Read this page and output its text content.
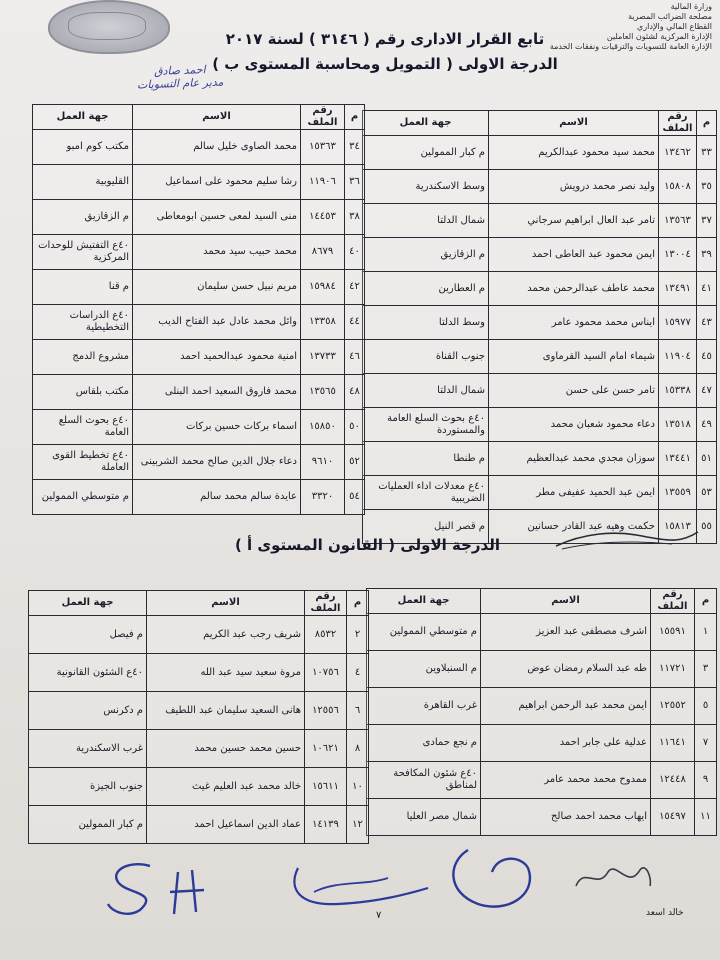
وزارة المالية
مصلحة الضرائب المصرية
القطاع المالي والإداري
الإدارة المركزية لشئون العاملين
الإدارة العامة للتسويات والترقيات ونفقات الخدمة
تابع القرار الادارى رقم ( ٣١٤٦ ) لسنة ٢٠١٧
الدرجة الاولى ( التمويل ومحاسبة المستوى ب )
احمد صادق
مدير عام التسويات
م	رقم الملف	الاسم	جهة العمل
٣٣	١٣٤٦٢	محمد سيد محمود عبدالكريم	م كبار الممولين
٣٥	١٥٨٠٨	وليد نصر محمد درويش	وسط الاسكندرية
٣٧	١٣٥٦٣	تامر عبد العال ابراهيم سرجاني	شمال الدلتا
٣٩	١٣٠٠٤	ايمن محمود عبد العاطى احمد	م الزقازيق
٤١	١٣٤٩١	محمد عاطف عبدالرحمن محمد	م العطارين
٤٣	١٥٩٧٧	ايناس محمد محمود عامر	وسط الدلتا
٤٥	١١٩٠٤	شيماء امام السيد القرماوى	جنوب القناة
٤٧	١٥٣٣٨	تامر حسن على حسن	شمال الدلتا
٤٩	١٣٥١٨	دعاء محمود شعبان محمد	٤٠ع بحوث السلع العامة والمستوردة
٥١	١٣٤٤١	سوزان مجدي محمد عبدالعظيم	م طنطا
٥٣	١٣٥٥٩	ايمن عبد الحميد عفيفى مطر	٤٠ع معدلات اداء العمليات الضريبية
٥٥	١٥٨١٣	حكمت وهيه عبد القادر حسانين	م قصر النيل
م	رقم الملف	الاسم	جهة العمل
٣٤	١٥٣٦٣	محمد الصاوى خليل سالم	مكتب كوم امبو
٣٦	١١٩٠٦	رشا سليم محمود على اسماعيل	القليوبية
٣٨	١٤٤٥٣	منى السيد لمعى حسين ابومعاطى	م الزقازيق
٤٠	٨٦٧٩	محمد حبيب سيد محمد	٤٠ع التفتيش للوحدات المركزية
٤٢	١٥٩٨٤	مريم نبيل حسن سليمان	م قنا
٤٤	١٣٣٥٨	وائل محمد عادل عبد الفتاح الديب	٤٠ع الدراسات التخطيطية
٤٦	١٣٧٣٣	امنية محمود عبدالحميد احمد	مشروع الدمج
٤٨	١٣٥٦٥	محمد فاروق السعيد احمد البنلى	مكتب بلقاس
٥٠	١٥٨٥٠	اسماء بركات حسين بركات	٤٠ع بحوث السلع العامة
٥٢	٩٦١٠	دعاء جلال الدين صالح محمد الشربينى	٤٠ع تخطيط القوى العاملة
٥٤	٣٣٢٠	عايدة سالم محمد سالم	م متوسطي الممولين
الدرجة الاولى ( القانون المستوى أ )
م	رقم الملف	الاسم	جهة العمل
١	١٥٥٩١	اشرف مصطفى عبد العزيز	م متوسطي الممولين
٣	١١٧٢١	طه عبد السلام رمضان عوض	م السنبلاوين
٥	١٢٥٥٢	ايمن محمد عبد الرحمن ابراهيم	غرب القاهرة
٧	١١٦٤١	عدلية على جابر احمد	م نجع حمادى
٩	١٢٤٤٨	ممدوح محمد محمد عامر	٤٠ع شئون المكافحة لمناطق
١١	١٥٤٩٧	ايهاب محمد احمد صالح	شمال مصر العليا
م	رقم الملف	الاسم	جهة العمل
٢	٨٥٣٢	شريف رجب عبد الكريم	م فيصل
٤	١٠٧٥٦	مروة سعيد سيد عبد الله	٤٠ع الشئون القانونية
٦	١٢٥٥٦	هانى السعيد سليمان عبد اللطيف	م دكرنس
٨	١٠٦٢١	حسين محمد حسين محمد	غرب الاسكندرية
١٠	١٥٦١١	خالد محمد عبد العليم غيث	جنوب الجيزة
١٢	١٤١٣٩	عماد الدين اسماعيل احمد	م كبار الممولين
٧	خالد اسعد
